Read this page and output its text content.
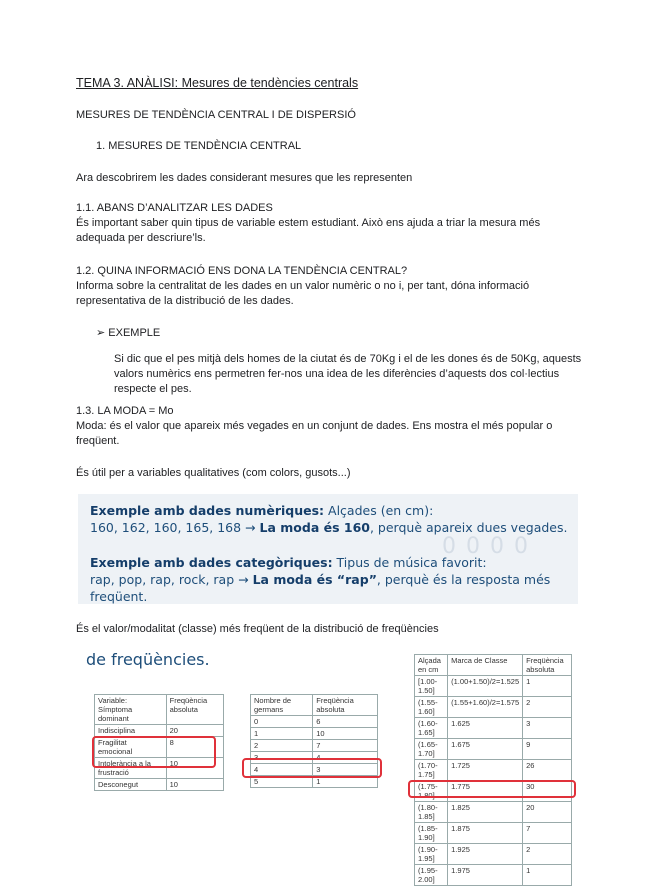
TEMA 3. ANÀLISI: Mesures de tendències centrals

MESURES DE TENDÈNCIA CENTRAL I DE DISPERSIÓ

1. MESURES DE TENDÈNCIA CENTRAL

Ara descobrirem les dades considerant mesures que les representen

1.1. ABANS D’ANALITZAR LES DADES

És important saber quin tipus de variable estem estudiant. Això ens ajuda a triar la mesura més adequada per descriure’ls.

1.2. QUINA INFORMACIÓ ENS DONA LA TENDÈNCIA CENTRAL?

Informa sobre la centralitat de les dades en un valor numèric o no i, per tant, dóna informació representativa de la distribució de les dades.

➢ EXEMPLE

Si dic que el pes mitjà dels homes de la ciutat és de 70Kg i el de les dones és de 50Kg, aquests valors numèrics ens permetren fer-nos una idea de les diferències d’aquests dos col·lectius respecte el pes.

1.3. LA MODA = Mo

Moda: és el valor que apareix més vegades en un conjunt de dades. Ens mostra el més popular o freqüent.

És útil per a variables qualitatives (com colors, gusots...)

0000

Exemple amb dades numèriques: Alçades (en cm):
160, 162, 160, 165, 168 → La moda és 160, perquè apareix dues vegades.

Exemple amb dades categòriques: Tipus de música favorit:
rap, pop, rap, rock, rap → La moda és “rap”, perquè és la resposta més freqüent.

És el valor/modalitat (classe) més freqüent de la distribució de freqüències

de freqüències.
Variable: Símptoma dominant	Freqüència absoluta
Indisciplina	20
Fragilitat emocional	8
Intolerància a la frustració	10
Desconegut	10
Nombre de germans	Freqüència absoluta
0	6
1	10
2	7
3	4
4	3
5	1
Alçada en cm	Marca de Classe	Freqüència absoluta
[1.00-1.50]	(1.00+1.50)/2=1.525	1
(1.55-1.60]	(1.55+1.60)/2=1.575	2
(1.60-1.65]	1.625	3
(1.65-1.70]	1.675	9
(1.70-1.75]	1.725	26
(1.75-1.80]	1.775	30
(1.80-1.85]	1.825	20
(1.85-1.90]	1.875	7
(1.90-1.95]	1.925	2
(1.95-2.00]	1.975	1
